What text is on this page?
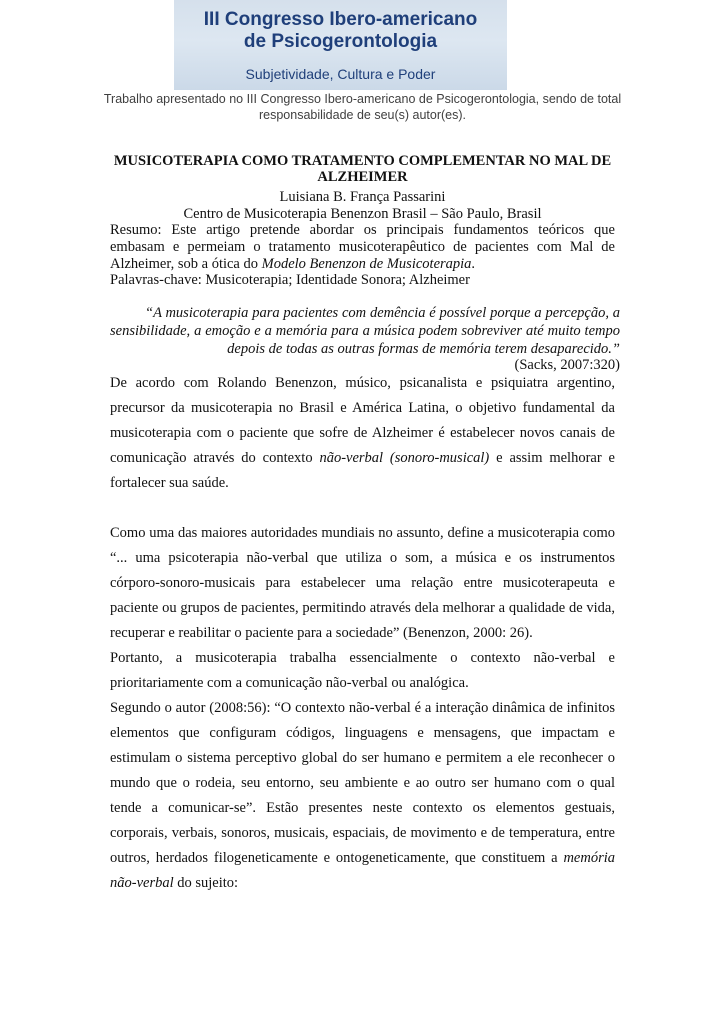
III Congresso Ibero-americano
de Psicogerontologia
Subjetividade, Cultura e Poder
Trabalho apresentado no III Congresso Ibero-americano de Psicogerontologia, sendo de total responsabilidade de seu(s) autor(es).
MUSICOTERAPIA COMO TRATAMENTO COMPLEMENTAR NO MAL DE ALZHEIMER
Luisiana B. França Passarini
Centro de Musicoterapia Benenzon Brasil – São Paulo, Brasil
Resumo: Este artigo pretende abordar os principais fundamentos teóricos que embasam e permeiam o tratamento musicoterapêutico de pacientes com Mal de Alzheimer, sob a ótica do Modelo Benenzon de Musicoterapia.
Palavras-chave: Musicoterapia; Identidade Sonora; Alzheimer
“A musicoterapia para pacientes com demência é possível porque a percepção, a sensibilidade, a emoção e a memória para a música podem sobreviver até muito tempo depois de todas as outras formas de memória terem desaparecido.”
(Sacks, 2007:320)
De acordo com Rolando Benenzon, músico, psicanalista e psiquiatra argentino, precursor da musicoterapia no Brasil e América Latina, o objetivo fundamental da musicoterapia com o paciente que sofre de Alzheimer é estabelecer novos canais de comunicação através do contexto não-verbal (sonoro-musical) e assim melhorar e fortalecer sua saúde.
Como uma das maiores autoridades mundiais no assunto, define a musicoterapia como “... uma psicoterapia não-verbal que utiliza o som, a música e os instrumentos córporo-sonoro-musicais para estabelecer uma relação entre musicoterapeuta e paciente ou grupos de pacientes, permitindo através dela melhorar a qualidade de vida, recuperar e reabilitar o paciente para a sociedade” (Benenzon, 2000: 26).
Portanto, a musicoterapia trabalha essencialmente o contexto não-verbal e prioritariamente com a comunicação não-verbal ou analógica.
Segundo o autor (2008:56): “O contexto não-verbal é a interação dinâmica de infinitos elementos que configuram códigos, linguagens e mensagens, que impactam e estimulam o sistema perceptivo global do ser humano e permitem a ele reconhecer o mundo que o rodeia, seu entorno, seu ambiente e ao outro ser humano com o qual tende a comunicar-se”. Estão presentes neste contexto os elementos gestuais, corporais, verbais, sonoros, musicais, espaciais, de movimento e de temperatura, entre outros, herdados filogeneticamente e ontogeneticamente, que constituem a memória não-verbal do sujeito:
